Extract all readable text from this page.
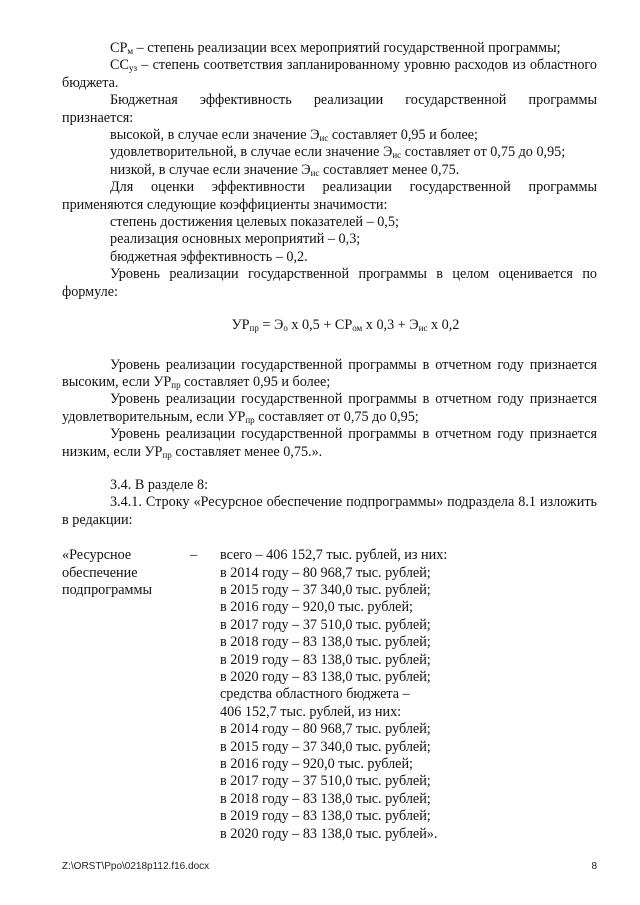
$СР_м$ – степень реализации всех мероприятий государственной программы;

$СС_{уз}$ – степень соответствия запланированному уровню расходов из областного бюджета.

Бюджетная эффективность реализации государственной программы признается:

высокой, в случае если значение $Э_{ис}$ составляет 0,95 и более;

удовлетворительной, в случае если значение $Э_{ис}$ составляет от 0,75 до 0,95;

низкой, в случае если значение $Э_{ис}$ составляет менее 0,75.

Для оценки эффективности реализации государственной программы применяются следующие коэффициенты значимости:

степень достижения целевых показателей – 0,5;

реализация основных мероприятий – 0,3;

бюджетная эффективность – 0,2.

Уровень реализации государственной программы в целом оценивается по формуле:

$УР_{пр} = Э_о$ х $0,5 + СР_{ом}$ х $0,3 + Э_{ис}$ х 0,2

Уровень реализации государственной программы в отчетном году признается высоким, если $УР_{пр}$ составляет 0,95 и более;

Уровень реализации государственной программы в отчетном году признается удовлетворительным, если $УР_{пр}$ составляет от 0,75 до 0,95;

Уровень реализации государственной программы в отчетном году признается низким, если $УР_{пр}$ составляет менее 0,75.».

3.4. В разделе 8:

3.4.1. Строку «Ресурсное обеспечение подпрограммы» подраздела 8.1 изложить в редакции:

«Ресурсное
обеспечение
подпрограммы
–	всего – 406 152,7 тыс. рублей, из них:
в 2014 году – 80 968,7 тыс. рублей;
в 2015 году – 37 340,0 тыс. рублей;
в 2016 году – 920,0 тыс. рублей;
в 2017 году – 37 510,0 тыс. рублей;
в 2018 году – 83 138,0 тыс. рублей;
в 2019 году – 83 138,0 тыс. рублей;
в 2020 году – 83 138,0 тыс. рублей;
средства областного бюджета –
406 152,7 тыс. рублей, из них:
в 2014 году – 80 968,7 тыс. рублей;
в 2015 году – 37 340,0 тыс. рублей;
в 2016 году – 920,0 тыс. рублей;
в 2017 году – 37 510,0 тыс. рублей;
в 2018 году – 83 138,0 тыс. рублей;
в 2019 году – 83 138,0 тыс. рублей;
в 2020 году – 83 138,0 тыс. рублей».
Z:\ORST\Ppo\0218p112.f16.docx	8
